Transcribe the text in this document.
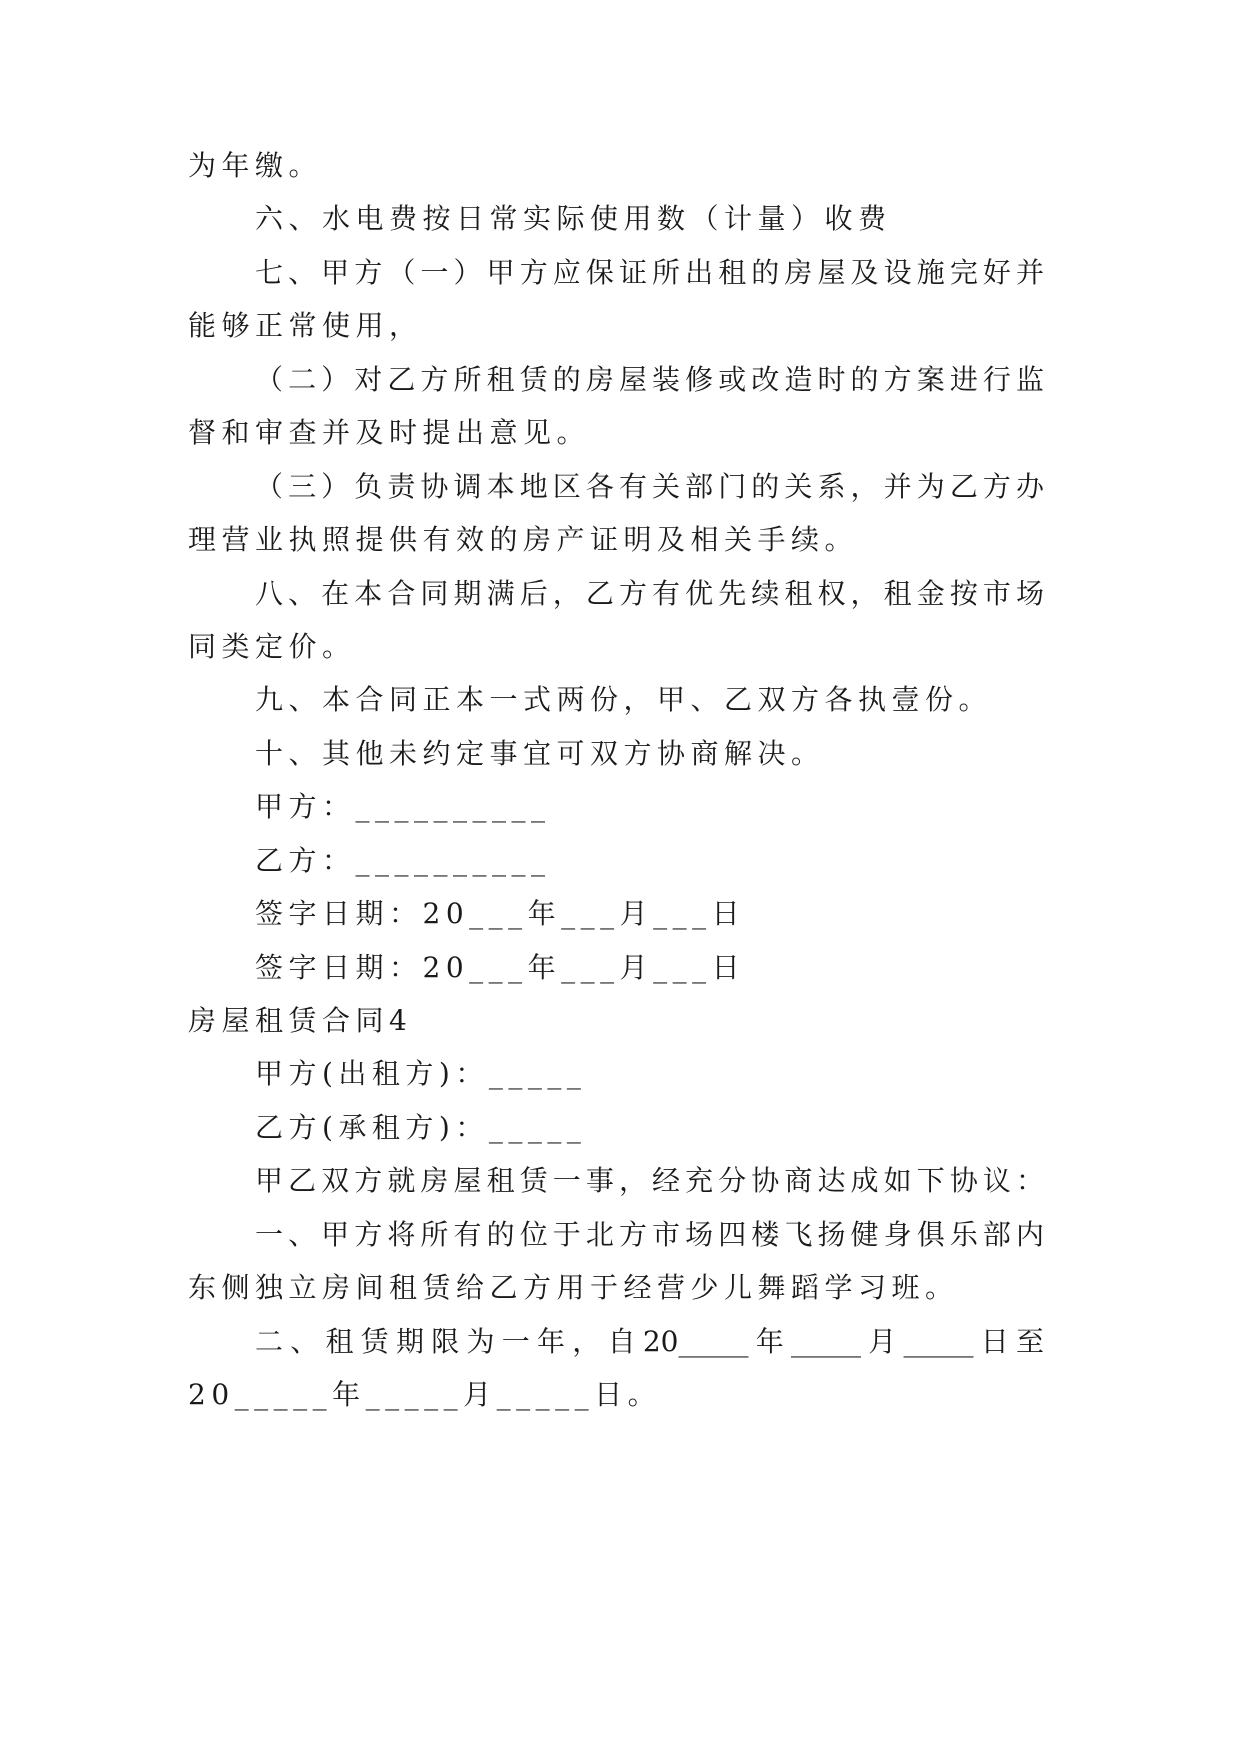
为年缴。
六、水电费按日常实际使用数（计量）收费
七、甲方（一）甲方应保证所出租的房屋及设施完好并
能够正常使用，
（二）对乙方所租赁的房屋装修或改造时的方案进行监
督和审查并及时提出意见。
（三）负责协调本地区各有关部门的关系，并为乙方办
理营业执照提供有效的房产证明及相关手续。
八、在本合同期满后，乙方有优先续租权，租金按市场
同类定价。
九、本合同正本一式两份，甲、乙双方各执壹份。
十、其他未约定事宜可双方协商解决。
甲方：__________
乙方：__________
签字日期：20___年___月___日
签字日期：20___年___月___日
房屋租赁合同4
甲方(出租方)：_____
乙方(承租方)：_____
甲乙双方就房屋租赁一事，经充分协商达成如下协议：
一、甲方将所有的位于北方市场四楼飞扬健身俱乐部内
东侧独立房间租赁给乙方用于经营少儿舞蹈学习班。
二、租赁期限为一年，自20_____年_____月_____日至
20_____年_____月_____日。
